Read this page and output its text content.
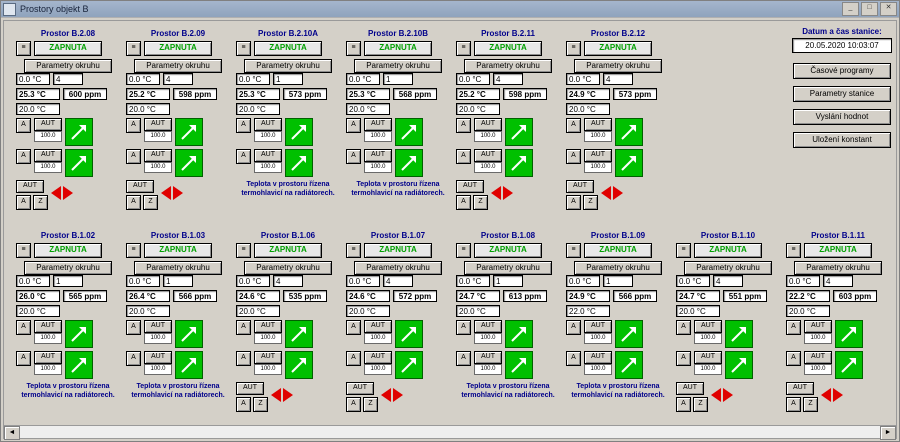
Prostory objekt B	_	□	✕
Prostor B.2.08
≡	ZAPNUTA
Parametry okruhu
0.0 °C	4
25.3 °C	600 ppm
20.0 °C
A	AUT
100.0
A	AUT
100.0
AUT
A	Z
Prostor B.2.09
≡	ZAPNUTA
Parametry okruhu
0.0 °C	4
25.2 °C	598 ppm
20.0 °C
A	AUT
100.0
A	AUT
100.0
AUT
A	Z
Prostor B.2.10A
≡	ZAPNUTA
Parametry okruhu
0.0 °C	1
25.3 °C	573 ppm
20.0 °C
A	AUT
100.0
A	AUT
100.0
Teplota v prostoru řízena termohlavicí na radiátorech.
Prostor B.2.10B
≡	ZAPNUTA
Parametry okruhu
0.0 °C	1
25.3 °C	568 ppm
20.0 °C
A	AUT
100.0
A	AUT
100.0
Teplota v prostoru řízena termohlavicí na radiátorech.
Prostor B.2.11
≡	ZAPNUTA
Parametry okruhu
0.0 °C	4
25.2 °C	598 ppm
20.0 °C
A	AUT
100.0
A	AUT
100.0
AUT
A	Z
Prostor B.2.12
≡	ZAPNUTA
Parametry okruhu
0.0 °C	4
24.9 °C	573 ppm
20.0 °C
A	AUT
100.0
A	AUT
100.0
AUT
A	Z
Prostor B.1.02
≡	ZAPNUTA
Parametry okruhu
0.0 °C	1
26.0 °C	565 ppm
20.0 °C
A	AUT
100.0
A	AUT
100.0
Teplota v prostoru řízena termohlavicí na radiátorech.
Prostor B.1.03
≡	ZAPNUTA
Parametry okruhu
0.0 °C	1
26.4 °C	566 ppm
20.0 °C
A	AUT
100.0
A	AUT
100.0
Teplota v prostoru řízena termohlavicí na radiátorech.
Prostor B.1.06
≡	ZAPNUTA
Parametry okruhu
0.0 °C	4
24.6 °C	535 ppm
20.0 °C
A	AUT
100.0
A	AUT
100.0
AUT
A	Z
Prostor B.1.07
≡	ZAPNUTA
Parametry okruhu
0.0 °C	4
24.6 °C	572 ppm
20.0 °C
A	AUT
100.0
A	AUT
100.0
AUT
A	Z
Prostor B.1.08
≡	ZAPNUTA
Parametry okruhu
0.0 °C	1
24.7 °C	613 ppm
20.0 °C
A	AUT
100.0
A	AUT
100.0
Teplota v prostoru řízena termohlavicí na radiátorech.
Prostor B.1.09
≡	ZAPNUTA
Parametry okruhu
0.0 °C	1
24.9 °C	566 ppm
22.0 °C
A	AUT
100.0
A	AUT
100.0
Teplota v prostoru řízena termohlavicí na radiátorech.
Prostor B.1.10
≡	ZAPNUTA
Parametry okruhu
0.0 °C	4
24.7 °C	551 ppm
20.0 °C
A	AUT
100.0
A	AUT
100.0
AUT
A	Z
Prostor B.1.11
≡	ZAPNUTA
Parametry okruhu
0.0 °C	4
22.2 °C	603 ppm
20.0 °C
A	AUT
100.0
A	AUT
100.0
AUT
A	Z
Datum a čas stanice:
20.05.2020 10:03:07
Časové programy
Parametry stanice
Vyslání hodnot
Uložení konstant
◄	►
